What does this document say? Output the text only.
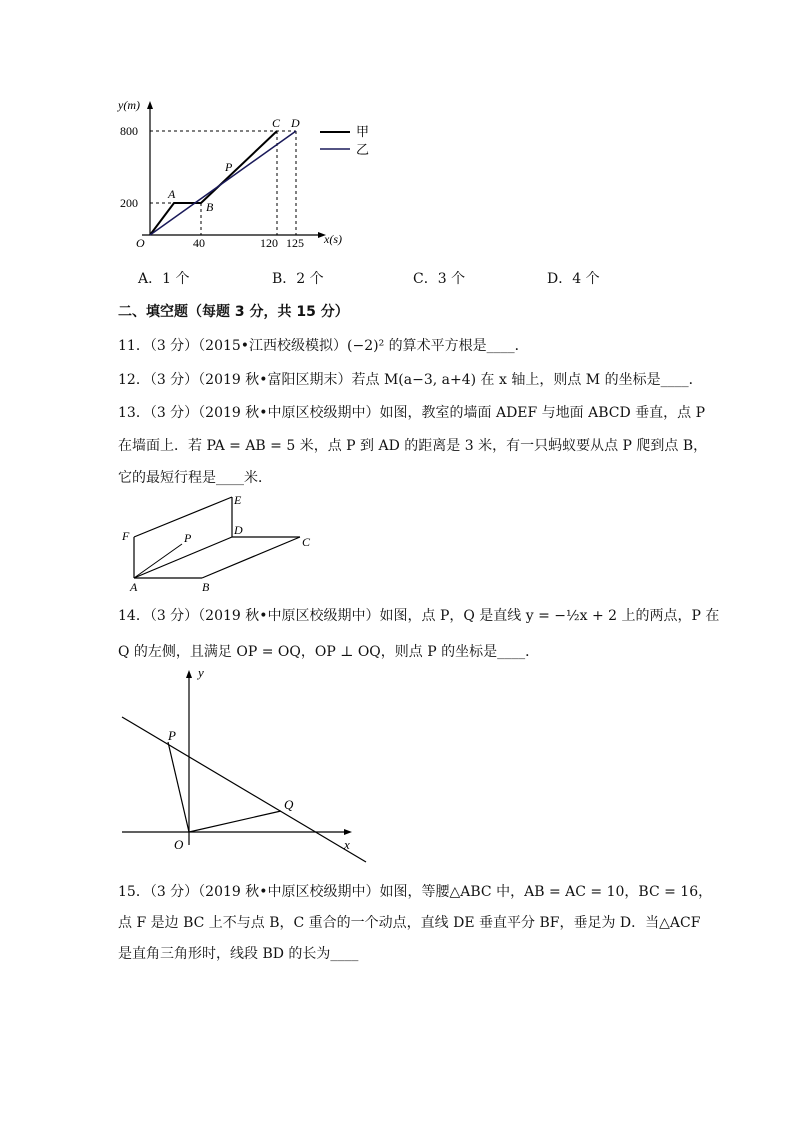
y(m)
x(s)
800
200
40	120 125
O
A
B
C D
P
甲
乙
A．1 个	B．2 个	C．3 个	D．4 个
二、填空题（每题 3 分，共 15 分）
11．（3 分）（2015•江西校级模拟）(−2)² 的算术平方根是____．
12．（3 分）（2019 秋•富阳区期末）若点 M(a−3, a+4) 在 x 轴上，则点 M 的坐标是____．
13．（3 分）（2019 秋•中原区校级期中）如图，教室的墙面 ADEF 与地面 ABCD 垂直，点 P
在墙面上．若 PA = AB = 5 米，点 P 到 AD 的距离是 3 米，有一只蚂蚁要从点 P 爬到点 B，
它的最短行程是____米．
E
F	P
D
C
A	B
14．（3 分）（2019 秋•中原区校级期中）如图，点 P，Q 是直线 y = −½x + 2 上的两点，P 在
Q 的左侧，且满足 OP = OQ，OP ⊥ OQ，则点 P 的坐标是____．
y
P
Q
O	x
15．（3 分）（2019 秋•中原区校级期中）如图，等腰△ABC 中，AB = AC = 10，BC = 16，
点 F 是边 BC 上不与点 B，C 重合的一个动点，直线 DE 垂直平分 BF，垂足为 D．当△ACF
是直角三角形时，线段 BD 的长为____
